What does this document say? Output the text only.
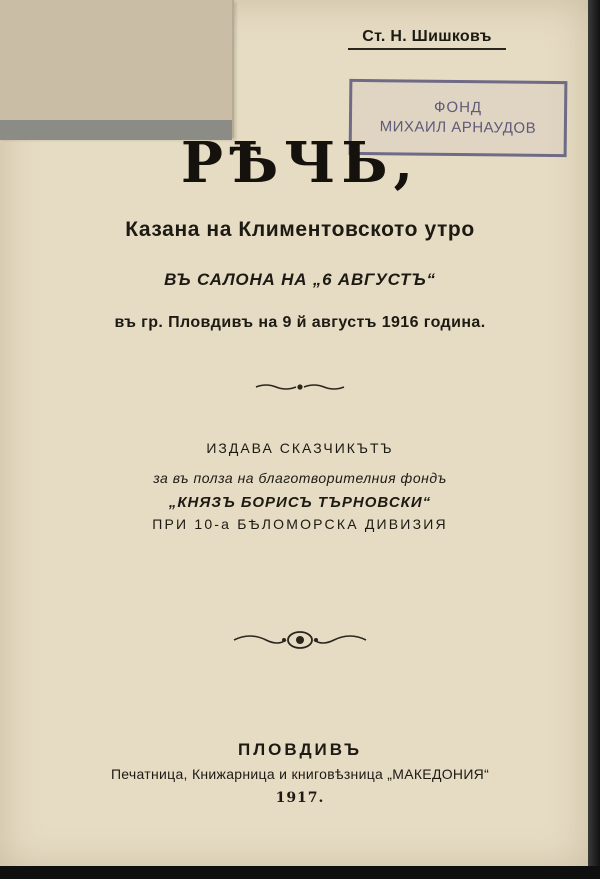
Ст. Н. Шишковъ
ФОНД
МИХАИЛ АРНАУДОВ
РѢЧЬ,
Казана на Климентовското утро
ВЪ САЛОНА НА „6 АВГУСТЪ“
въ гр. Пловдивъ на 9 й августъ 1916 година.
ИЗДАВА СКАЗЧИКЪТЪ
за въ полза на благотворителния фондъ
„КНЯЗЪ БОРИСЪ ТЪРНОВСКИ“
ПРИ 10-а БѢЛОМОРСКА ДИВИЗИЯ
ПЛОВДИВЪ
Печатница, Книжарница и книговѣзница „МАКЕДОНИЯ“
1917.
